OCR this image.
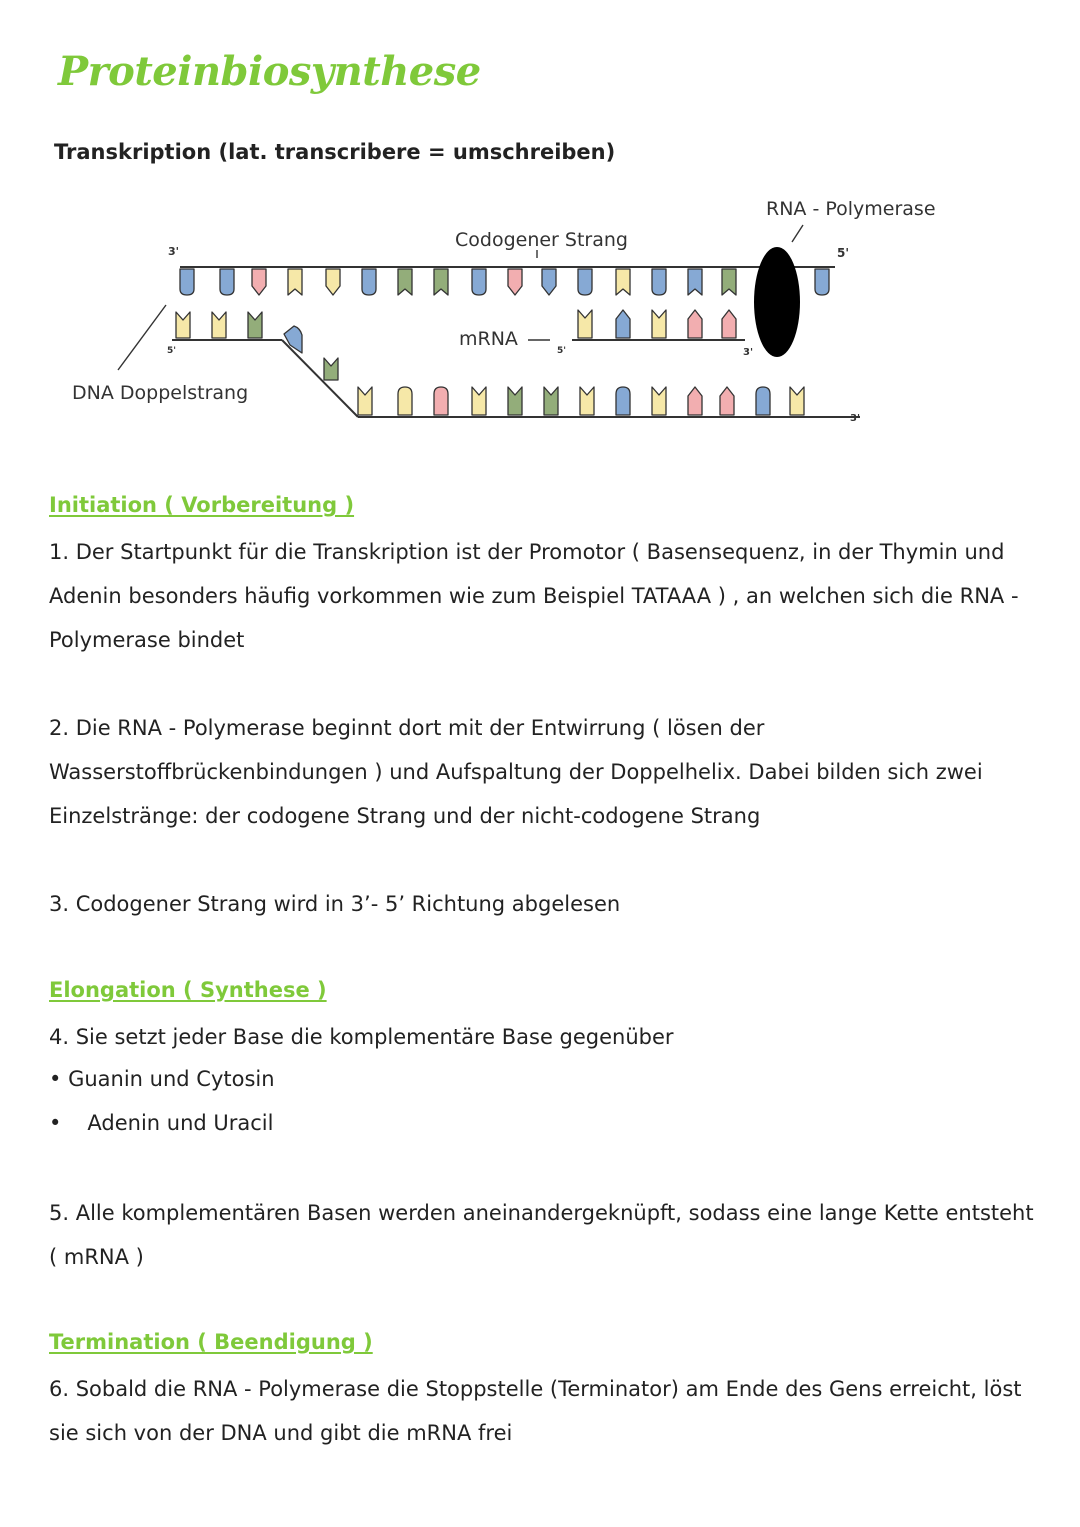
Proteinbiosynthese
Transkription (lat. transcribere = umschreiben)
RNA - Polymerase
Codogener Strang
mRNA
DNA Doppelstrang
3'
5'	5'	3'
5'
3'
Initiation ( Vorbereitung )

1. Der Startpunkt für die Transkription ist der Promotor ( Basensequenz, in der Thymin und
Adenin besonders häufig vorkommen wie zum Beispiel TATAAA ) , an welchen sich die RNA -
Polymerase bindet

2. Die RNA - Polymerase beginnt dort mit der Entwirrung ( lösen der
Wasserstoffbrückenbindungen ) und Aufspaltung der Doppelhelix. Dabei bilden sich zwei
Einzelstränge: der codogene Strang und der nicht-codogene Strang

3. Codogener Strang wird in 3’- 5’ Richtung abgelesen

Elongation ( Synthese )

4. Sie setzt jeder Base die komplementäre Base gegenüber

• Guanin und Cytosin

• Adenin und Uracil

5. Alle komplementären Basen werden aneinandergeknüpft, sodass eine lange Kette entsteht
( mRNA )

Termination ( Beendigung )

6. Sobald die RNA - Polymerase die Stoppstelle (Terminator) am Ende des Gens erreicht, löst
sie sich von der DNA und gibt die mRNA frei
